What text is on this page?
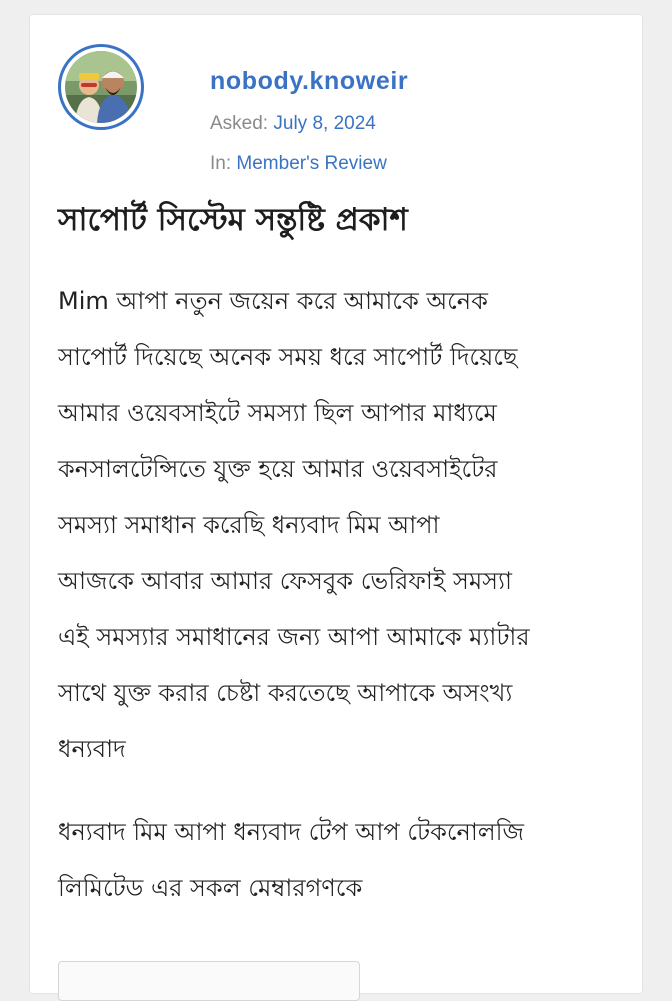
nobody.knoweir
Asked: July 8, 2024
In: Member's Review
সাপোর্ট সিস্টেম সন্তুষ্টি প্রকাশ

Mim আপা নতুন জয়েন করে আমাকে অনেক
সাপোর্ট দিয়েছে অনেক সময় ধরে সাপোর্ট দিয়েছে
আমার ওয়েবসাইটে সমস্যা ছিল আপার মাধ্যমে
কনসালটেন্সিতে যুক্ত হয়ে আমার ওয়েবসাইটের
সমস্যা সমাধান করেছি ধন্যবাদ মিম আপা
আজকে আবার আমার ফেসবুক ভেরিফাই সমস্যা
এই সমস্যার সমাধানের জন্য আপা আমাকে ম্যাটার
সাথে যুক্ত করার চেষ্টা করতেছে আপাকে অসংখ্য
ধন্যবাদ

ধন্যবাদ মিম আপা ধন্যবাদ টেপ আপ টেকনোলজি
লিমিটেড এর সকল মেম্বারগণকে
